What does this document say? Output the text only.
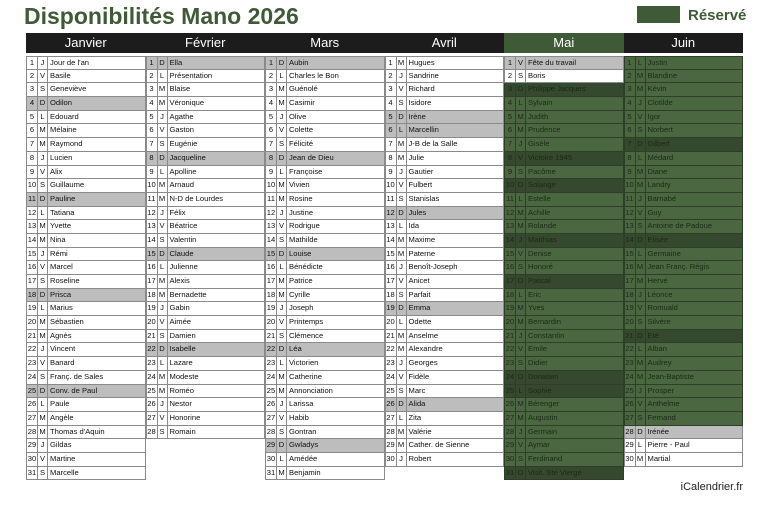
Disponibilités Mano 2026	Réservé
Janvier	Février	Mars	Avril	Mai	Juin
1 J Jour de l'an
2 V Basile
3 S Geneviève
4 D Odilon
5 L Edouard
6 M Mélaine
7 M Raymond
8 J Lucien
9 V Alix
10 S Guillaume
11 D Pauline
12 L Tatiana
13 M Yvette
14 M Nina
15 J Rémi
16 V Marcel
17 S Roseline
18 D Prisca
19 L Marius
20 M Sébastien
21 M Agnès
22 J Vincent
23 V Banard
24 S Franç. de Sales
25 D Conv. de Paul
26 L Paule
27 M Angèle
28 M Thomas d'Aquin
29 J Gildas
30 V Martine
31 S Marcelle
1 D Ella
2 L Présentation
3 M Blaise
4 M Véronique
5 J Agathe
6 V Gaston
7 S Eugénie
8 D Jacqueline
9 L Apolline
10 M Arnaud
11 M N-D de Lourdes
12 J Félix
13 V Béatrice
14 S Valentin
15 D Claude
16 L Julienne
17 M Alexis
18 M Bernadette
19 J Gabin
20 V Aimée
21 S Damien
22 D Isabelle
23 L Lazare
24 M Modeste
25 M Roméo
26 J Nestor
27 V Honorine
28 S Romain
1 D Aubin
2 L Charles le Bon
3 M Guénolé
4 M Casimir
5 J Olive
6 V Colette
7 S Félicité
8 D Jean de Dieu
9 L Françoise
10 M Vivien
11 M Rosine
12 J Justine
13 V Rodrigue
14 S Mathilde
15 D Louise
16 L Bénédicte
17 M Patrice
18 M Cyrille
19 J Joseph
20 V Printemps
21 S Clémence
22 D Léa
23 L Victorien
24 M Catherine
25 M Annonciation
26 J Larissa
27 V Habib
28 S Gontran
29 D Gwladys
30 L Amédée
31 M Benjamin
1 M Hugues
2 J Sandrine
3 V Richard
4 S Isidore
5 D Irène
6 L Marcellin
7 M J-B de la Salle
8 M Julie
9 J Gautier
10 V Fulbert
11 S Stanislas
12 D Jules
13 L Ida
14 M Maxime
15 M Paterne
16 J Benoît-Joseph
17 V Anicet
18 S Parfait
19 D Emma
20 L Odette
21 M Anselme
22 M Alexandre
23 J Georges
24 V Fidèle
25 S Marc
26 D Alida
27 L Zita
28 M Valérie
29 M Cather. de Sienne
30 J Robert
1 V Fête du travail
2 S Boris
3 D Philippe Jacques
4 L Sylvain
5 M Judith
6 M Prudence
7 J Gisèle
8 V Victoire 1945
9 S Pacôme
10 D Solange
11 L Estelle
12 M Achille
13 M Rolande
14 J Matthias
15 V Denise
16 S Honoré
17 D Pascal
18 L Eric
19 M Yves
20 M Bernardin
21 J Constantin
22 V Emile
23 S Didier
24 D Donatien
25 L Sophie
26 M Bérenger
27 M Augustin
28 J Germain
29 V Aymar
30 S Ferdinand
31 D Visit. Ste Vierge
1 L Justin
2 M Blandine
3 M Kévin
4 J Clotilde
5 V Igor
6 S Norbert
7 D Gilbert
8 L Médard
9 M Diane
10 M Landry
11 J Barnabé
12 V Guy
13 S Antoine de Padoue
14 D Elisée
15 L Germaine
16 M Jean Franç. Régis
17 M Hervé
18 J Léonce
19 V Romuald
20 S Silvère
21 D Eté
22 L Alban
23 M Audrey
24 M Jean-Baptiste
25 J Prosper
26 V Anthelme
27 S Fernand
28 D Irénée
29 L Pierre - Paul
30 M Martial
iCalendrier.fr
